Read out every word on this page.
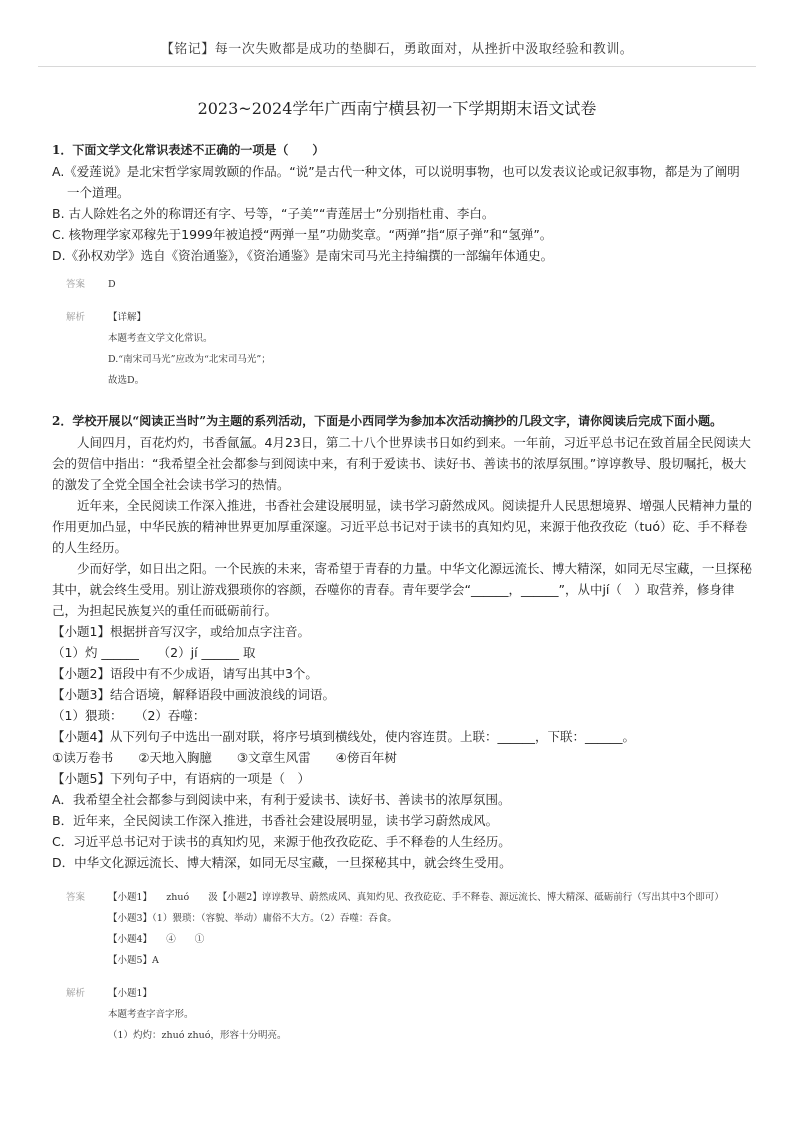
【铭记】每一次失败都是成功的垫脚石，勇敢面对，从挫折中汲取经验和教训。
2023~2024学年广西南宁横县初一下学期期末语文试卷

1．下面文学文化常识表述不正确的一项是（　　）

A.《爱莲说》是北宋哲学家周敦颐的作品。“说”是古代一种文体，可以说明事物，也可以发表议论或记叙事物，都是为了阐明一个道理。

B. 古人除姓名之外的称谓还有字、号等，“子美”“青莲居士”分别指杜甫、李白。

C. 核物理学家邓稼先于1999年被追授“两弹一星”功勋奖章。“两弹”指“原子弹”和“氢弹”。

D.《孙权劝学》选自《资治通鉴》，《资治通鉴》是南宋司马光主持编撰的一部编年体通史。

答案	D
解析	【详解】

本题考查文学文化常识。

D.“南宋司马光”应改为“北宋司马光”；

故选D。

2．学校开展以“阅读正当时”为主题的系列活动，下面是小西同学为参加本次活动摘抄的几段文字，请你阅读后完成下面小题。

人间四月，百花灼灼，书香氤氲。4月23日，第二十八个世界读书日如约到来。一年前，习近平总书记在致首届全民阅读大会的贺信中指出：“我希望全社会都参与到阅读中来，有利于爱读书、读好书、善读书的浓厚氛围。”谆谆教导、殷切嘱托，极大的激发了全党全国全社会读书学习的热情。

近年来，全民阅读工作深入推进，书香社会建设展明显，读书学习蔚然成风。阅读提升人民思想境界、增强人民精神力量的作用更加凸显，中华民族的精神世界更加厚重深邃。习近平总书记对于读书的真知灼见，来源于他孜孜矻（tuó）矻、手不释卷的人生经历。

少而好学，如日出之阳。一个民族的未来，寄希望于青春的力量。中华文化源远流长、博大精深，如同无尽宝藏，一旦探秘其中，就会终生受用。别让游戏猥琐你的容颜，吞噬你的青春。青年要学会“______，______”，从中jí（　）取营养，修身律己，为担起民族复兴的重任而砥砺前行。

【小题1】根据拼音写汉字，或给加点字注音。

（1）灼 ______　　（2）jí ______ 取

【小题2】语段中有不少成语，请写出其中3个。

【小题3】结合语境，解释语段中画波浪线的词语。

（1）猥琐：　　（2）吞噬：

【小题4】从下列句子中选出一副对联，将序号填到横线处，使内容连贯。上联：______，下联：______。

①读万卷书　　②天地入胸臆　　③文章生风雷　　④傍百年树

【小题5】下列句子中，有语病的一项是（　）

A．我希望全社会都参与到阅读中来，有利于爱读书、读好书、善读书的浓厚氛围。

B．近年来，全民阅读工作深入推进，书香社会建设展明显，读书学习蔚然成风。

C．习近平总书记对于读书的真知灼见，来源于他孜孜矻矻、手不释卷的人生经历。

D．中华文化源远流长、博大精深，如同无尽宝藏，一旦探秘其中，就会终生受用。

答案	【小题1】　　zhuó　　汲【小题2】谆谆教导、蔚然成风、真知灼见、孜孜矻矻、手不释卷、源远流长、博大精深、砥砺前行（写出其中3个即可）

【小题3】（1）猥琐：（容貌、举动）庸俗不大方。（2）吞噬：吞食。

【小题4】　　④　　①

【小题5】A

解析	【小题1】

本题考查字音字形。

（1）灼灼：zhuó zhuó，形容十分明亮。
